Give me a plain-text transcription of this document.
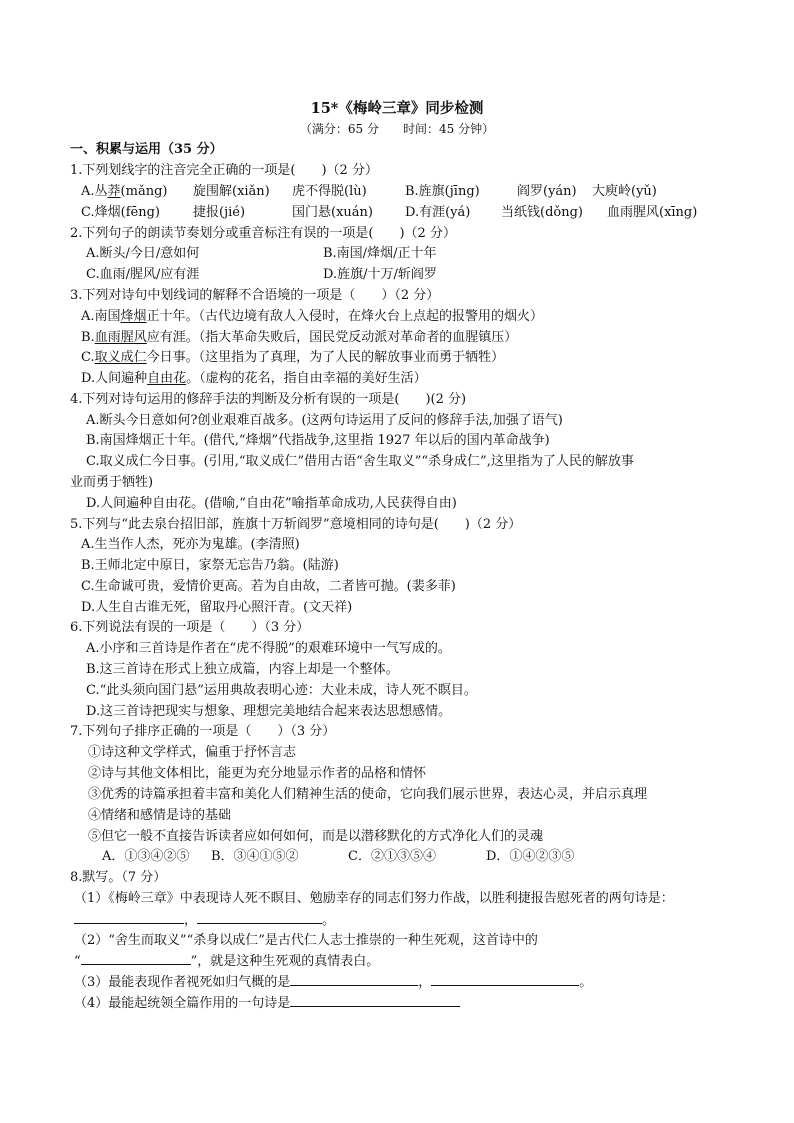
15*《梅岭三章》同步检测
（满分：65 分　　时间：45 分钟）
一、积累与运用（35 分）
1.下列划线字的注音完全正确的一项是(　　)（2 分）
A.丛莽(mǎng) 旋围解(xiǎn) 虎不得脱(lù)	B.旌旗(jīng)	阎罗(yán) 大庾岭(yǔ)
C.烽烟(fēng)	捷报(jié)	国门悬(xuán) D.有涯(yá) 当纸钱(dǒng) 血雨腥风(xīng)
2.下列句子的朗读节奏划分或重音标注有误的一项是(　　)（2 分）
A.断头/今日/意如何	B.南国/烽烟/正十年
C.血雨/腥风/应有涯	D.旌旗/十万/斩阎罗
3.下列对诗句中划线词的解释不合语境的一项是（　　）（2 分）
A.南国烽烟正十年。（古代边境有敌人入侵时，在烽火台上点起的报警用的烟火）
B.血雨腥风应有涯。（指大革命失败后，国民党反动派对革命者的血腥镇压）
C.取义成仁今日事。（这里指为了真理，为了人民的解放事业而勇于牺牲）
D.人间遍种自由花。（虚构的花名，指自由幸福的美好生活）
4.下列对诗句运用的修辞手法的判断及分析有误的一项是(　　)(2 分)
A.断头今日意如何?创业艰难百战多。(这两句诗运用了反问的修辞手法,加强了语气)
B.南国烽烟正十年。(借代,“烽烟”代指战争,这里指 1927 年以后的国内革命战争)
C.取义成仁今日事。(引用,“取义成仁”借用古语“舍生取义”“杀身成仁”,这里指为了人民的解放事
业而勇于牺牲)
D.人间遍种自由花。(借喻,“自由花”喻指革命成功,人民获得自由)
5.下列与“此去泉台招旧部，旌旗十万斩阎罗”意境相同的诗句是(　　)（2 分）
A.生当作人杰，死亦为鬼雄。(李清照)
B.王师北定中原日，家祭无忘告乃翁。(陆游)
C.生命诚可贵，爱情价更高。若为自由故，二者皆可抛。(裴多菲)
D.人生自古谁无死，留取丹心照汗青。(文天祥)
6.下列说法有误的一项是（　　）（3 分）
A.小序和三首诗是作者在“虎不得脱”的艰难环境中一气写成的。
B.这三首诗在形式上独立成篇，内容上却是一个整体。
C.“此头须向国门悬”运用典故表明心迹：大业未成，诗人死不瞑目。
D.这三首诗把现实与想象、理想完美地结合起来表达思想感情。
7.下列句子排序正确的一项是（　　）（3 分）
①诗这种文学样式，偏重于抒怀言志
②诗与其他文体相比，能更为充分地显示作者的品格和情怀
③优秀的诗篇承担着丰富和美化人们精神生活的使命，它向我们展示世界，表达心灵，并启示真理
④情绪和感情是诗的基础
⑤但它一般不直接告诉读者应如何如何，而是以潜移默化的方式净化人们的灵魂
A．①③④②⑤ B．③④①⑤②	C．②①③⑤④	D．①④②③⑤
8.默写。（7 分）
（1）《梅岭三章》中表现诗人死不瞑目、勉励幸存的同志们努力作战，以胜利捷报告慰死者的两句诗是：
，	。
（2）“舍生而取义”“杀身以成仁”是古代仁人志士推崇的一种生死观，这首诗中的
“	”，就是这种生死观的真情表白。
（3）最能表现作者视死如归气概的是	，	。
（4）最能起统领全篇作用的一句诗是
